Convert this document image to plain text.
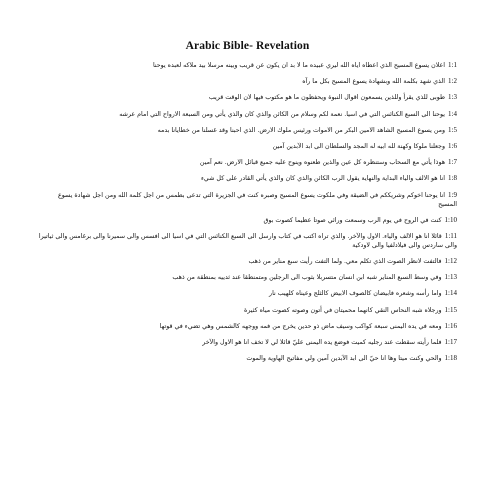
Arabic Bible- Revelation
1:1اعلان يسوع المسيح الذي اعطاه اياه الله ليري عبيده ما لا بد ان يكون عن قريب وبينه مرسلا بيد ملاكه لعبده يوحنا
1:2الذي شهد بكلمة الله وبشهادة يسوع المسيح بكل ما رآه
1:3طوبى للذي يقرأ وللذين يسمعون اقوال النبوة ويحفظون ما هو مكتوب فيها لان الوقت قريب
1:4يوحنا الى السبع الكنائس التي في اسيا. نعمة لكم وسلام من الكائن والذي كان والذي يأتي ومن السبعة الارواح التي امام عرشه
1:5ومن يسوع المسيح الشاهد الامين البكر من الاموات ورئيس ملوك الارض. الذي احبنا وقد غسلنا من خطايانا بدمه
1:6وجعلنا ملوكا وكهنة لله ابيه له المجد والسلطان الى ابد الآبدين آمين
1:7هوذا يأتي مع السحاب وستنظره كل عين والذين طعنوه وينوح عليه جميع قبائل الارض. نعم آمين
1:8انا هو الالف والياء البداية والنهاية يقول الرب الكائن والذي كان والذي يأتي القادر على كل شيء
1:9انا يوحنا اخوكم وشريككم في الضيقة وفي ملكوت يسوع المسيح وصبره كنت في الجزيرة التي تدعى بطمس من اجل كلمة الله ومن اجل شهادة يسوع المسيح
1:10كنت في الروح في يوم الرب وسمعت ورائي صوتا عظيما كصوت بوق
1:11قائلا انا هو الالف والياء. الاول والآخر. والذي تراه اكتب في كتاب وارسل الى السبع الكنائس التي في اسيا الى افسس والى سميرنا والى برغامس والى ثياتيرا والى ساردس والى فيلادلفيا والى لاودكية
1:12فالتفت لانظر الصوت الذي تكلم معي. ولما التفت رأيت سبع مناير من ذهب
1:13وفي وسط السبع المناير شبه ابن انسان متسربلا بثوب الى الرجلين ومتمنطقا عند ثدييه بمنطقة من ذهب
1:14واما رأسه وشعره فابيضان كالصوف الابيض كالثلج وعيناه كلهيب نار
1:15ورجلاه شبه النحاس النقي كانهما محميتان في أتون وصوته كصوت مياه كثيرة
1:16ومعه في يده اليمنى سبعة كواكب وسيف ماض ذو حدين يخرج من فمه ووجهه كالشمس وهي تضيء في قوتها
1:17فلما رأيته سقطت عند رجليه كميت فوضع يده اليمنى عليّ قائلا لي لا تخف انا هو الاول والآخر
1:18والحي وكنت ميتا وها انا حيّ الى ابد الآبدين آمين ولي مفاتيح الهاوية والموت
